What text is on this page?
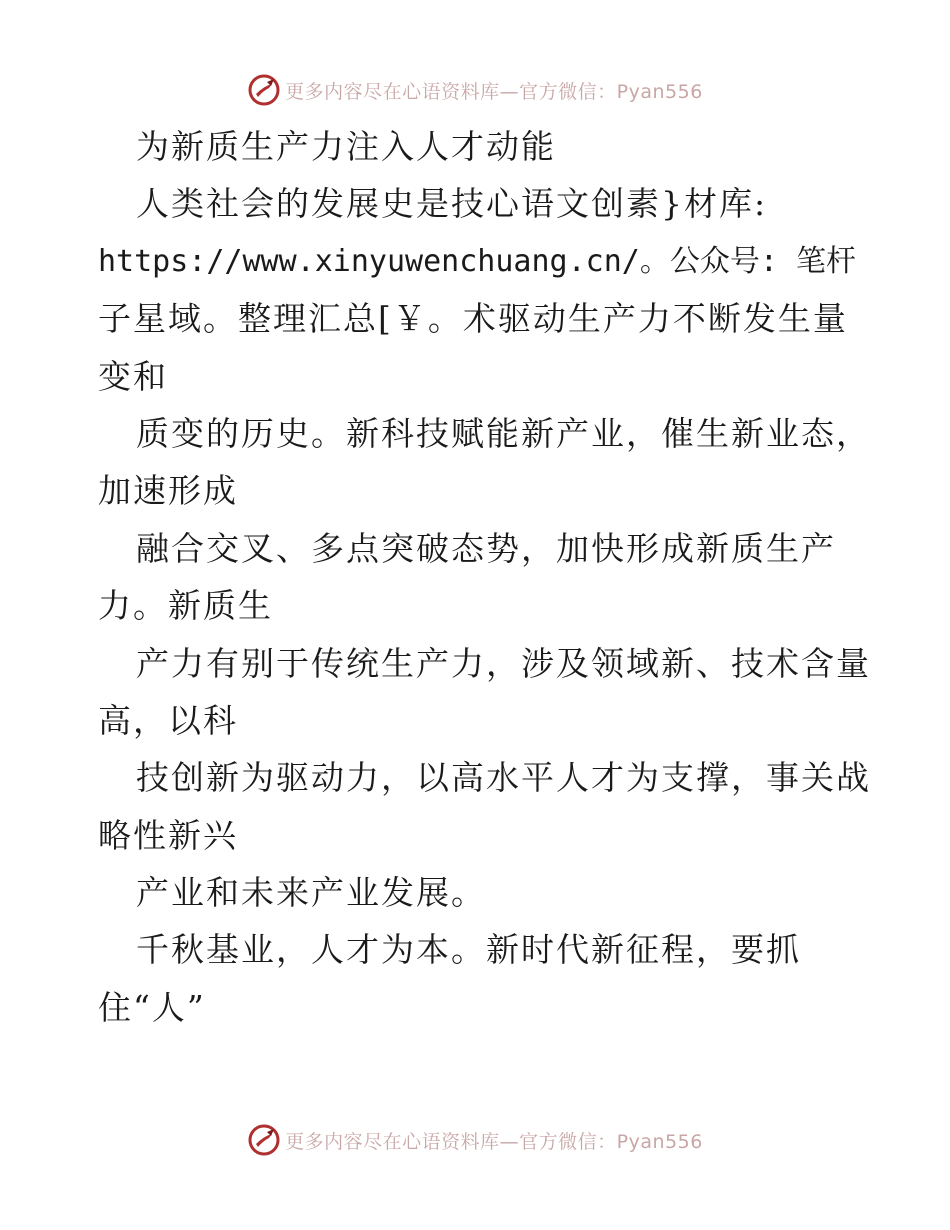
更多内容尽在心语资料库—官方微信：Pyan556
为新质生产力注入人才动能
人类社会的发展史是技心语文创素}材库:
https://www.xinyuwenchuang.cn/。公众号: 笔杆
子星域。整理汇总[￥。术驱动生产力不断发生量
变和
质变的历史。新科技赋能新产业，催生新业态，
加速形成
融合交叉、多点突破态势，加快形成新质生产
力。新质生
产力有别于传统生产力，涉及领域新、技术含量
高，以科
技创新为驱动力，以高水平人才为支撑，事关战
略性新兴
产业和未来产业发展。
千秋基业，人才为本。新时代新征程，要抓
住“人”
更多内容尽在心语资料库—官方微信：Pyan556
